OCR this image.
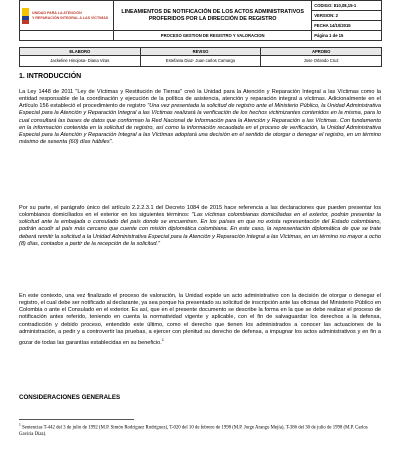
UNIDAD PARA LA ATENCIÓN
Y REPARACIÓN INTEGRAL A LAS VÍCTIMAS	LINEAMIENTOS DE NOTIFICACIÓN DE LOS ACTOS ADMINISTRATIVOS PROFERIDOS POR LA DIRECCIÓN DE REGISTRO	CODIGO: 810,08,15-1
		VERSION: 2
		FECHA 14/10/2015
	PROCESO GESTION DE REGISTRO Y VALORACION	Página 1 de 15
ELABORO	REVISO	APROBO
Jackeline Hinojosa- Diana Viras	Estefania Diaz- Juan carlos Camargo	Jose Orlando Cruz
1. INTRODUCCIÓN

La Ley 1448 de 2011 "Ley de Víctimas y Restitución de Tierras" creó la Unidad para la Atención y Reparación Integral a las Víctimas como la entidad responsable de la coordinación y ejecución de la política de asistencia, atención y reparación integral a víctimas. Adicionalmente en el Artículo 156 estableció el procedimiento de registro "Una vez presentada la solicitud de registro ante el Ministerio Público, la Unidad Administrativa Especial para la Atención y Reparación Integral a las Víctimas realizará la verificación de los hechos victimizantes contenidos en la misma, para lo cual consultará las bases de datos que conforman la Red Nacional de Información para la Atención y Reparación a las Víctimas. Con fundamento en la información contenida en la solicitud de registro, así como la información recaudada en el proceso de verificación, la Unidad Administrativa Especial para la Atención y Reparación Integral a las Víctimas adoptará una decisión en el sentido de otorgar o denegar el registro, en un término máximo de sesenta (60) días hábiles".

Por su parte, el parágrafo único del artículo 2.2.2.3.1 del Decreto 1084 de 2015 hace referencia a las declaraciones que pueden presentar los colombianos domiciliados en el exterior en los siguientes términos: "Las víctimas colombianas domiciliadas en el exterior, podrán presentar la solicitud ante la embajada o consulado del país donde se encuentren. En los países en que no exista representación del Estado colombiano, podrán acudir al país más cercano que cuente con misión diplomática colombiana. En este caso, la representación diplomática de que se trate deberá remitir la solicitud a la Unidad Administrativa Especial para la Atención y Reparación Integral a las Víctimas, en un término no mayor a ocho (8) días, contados a partir de la recepción de la solicitud."

En este contexto, una vez finalizado el proceso de valoración, la Unidad expide un acto administrativo con la decisión de otorgar o denegar el registro, el cual debe ser notificado al declarante, ya sea porque ha presentado su solicitud de inscripción ante las oficinas del Ministerio Público en Colombia o ante el Consulado en el exterior. Es así, que en el presente documento se describe la forma en la que se debe realizar el proceso de notificación antes referido, teniendo en cuenta la normatividad vigente y aplicable, con el fin de salvaguardar los derechos a la defensa, contradicción y debido proceso, entendido este último, como el derecho que tienen los administrados a conocer las actuaciones de la administración, a pedir y a controvertir las pruebas, a ejercer con plenitud su derecho de defensa, a impugnar los actos administrativos y en fin a gozar de todas las garantías establecidas en su beneficio.$^1$

CONSIDERACIONES GENERALES

$^1$ Sentencias T-442 del 3 de julio de 1992 (M.P. Simón Rodríguez Rodríguez), T-020 del 10 de febrero de 1998 (M.P. Jorge Arango Mejía), T-386 del 30 de julio de 1998 (M.P. Carlos Gaviria Díaz).
